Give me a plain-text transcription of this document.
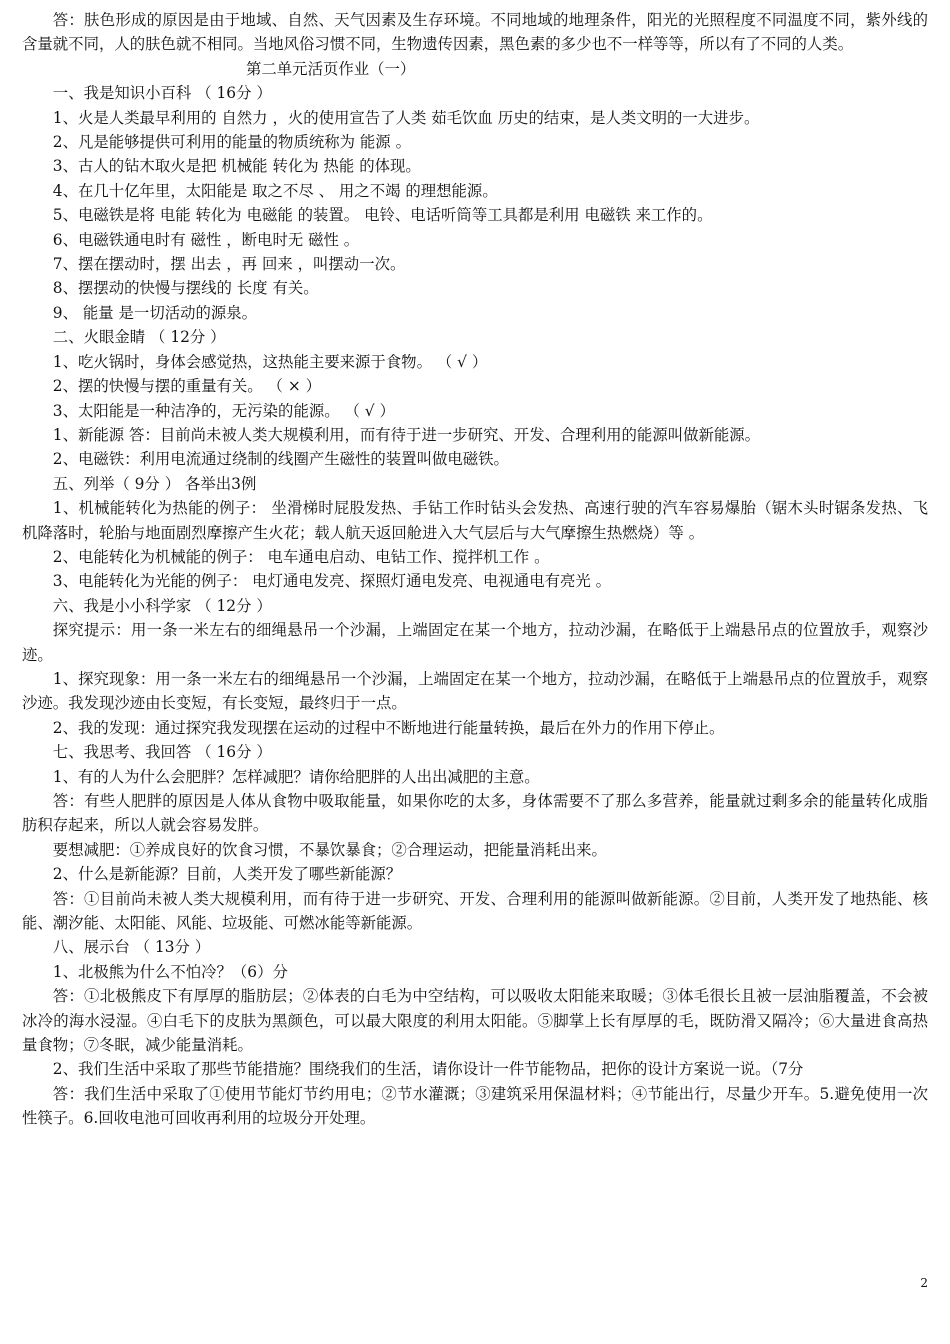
答：肤色形成的原因是由于地域、自然、天气因素及生存环境。不同地域的地理条件，阳光的光照程度不同温度不同，紫外线的含量就不同，人的肤色就不相同。当地风俗习惯不同，生物遗传因素，黑色素的多少也不一样等等，所以有了不同的人类。

第二单元活页作业（一）

一、我是知识小百科 （ 16分 ）

1、火是人类最早利用的 自然力 ，火的使用宣告了人类 茹毛饮血 历史的结束，是人类文明的一大进步。

2、凡是能够提供可利用的能量的物质统称为 能源 。

3、古人的钻木取火是把 机械能 转化为 热能 的体现。

4、在几十亿年里，太阳能是 取之不尽 、 用之不竭 的理想能源。

5、电磁铁是将 电能 转化为 电磁能 的装置。 电铃、电话听筒等工具都是利用 电磁铁 来工作的。

6、电磁铁通电时有 磁性 ，断电时无 磁性 。

7、摆在摆动时，摆 出去 ，再 回来 ，叫摆动一次。

8、摆摆动的快慢与摆线的 长度 有关。

9、 能量 是一切活动的源泉。

二、火眼金睛 （ 12分 ）

1、吃火锅时，身体会感觉热，这热能主要来源于食物。 （ √ ）

2、摆的快慢与摆的重量有关。 （ × ）

3、太阳能是一种洁净的，无污染的能源。 （ √ ）

1、新能源 答：目前尚未被人类大规模利用，而有待于进一步研究、开发、合理利用的能源叫做新能源。

2、电磁铁：利用电流通过绕制的线圈产生磁性的装置叫做电磁铁。

五、列举（ 9分 ） 各举出3例

1、机械能转化为热能的例子： 坐滑梯时屁股发热、手钻工作时钻头会发热、高速行驶的汽车容易爆胎（锯木头时锯条发热、飞机降落时，轮胎与地面剧烈摩擦产生火花；载人航天返回舱进入大气层后与大气摩擦生热燃烧）等 。

2、电能转化为机械能的例子： 电车通电启动、电钻工作、搅拌机工作 。

3、电能转化为光能的例子： 电灯通电发亮、探照灯通电发亮、电视通电有亮光 。

六、我是小小科学家 （ 12分 ）

探究提示：用一条一米左右的细绳悬吊一个沙漏，上端固定在某一个地方，拉动沙漏，在略低于上端悬吊点的位置放手，观察沙迹。

1、探究现象：用一条一米左右的细绳悬吊一个沙漏，上端固定在某一个地方，拉动沙漏，在略低于上端悬吊点的位置放手，观察沙迹。我发现沙迹由长变短，有长变短，最终归于一点。

2、我的发现：通过探究我发现摆在运动的过程中不断地进行能量转换，最后在外力的作用下停止。

七、我思考、我回答 （ 16分 ）

1、有的人为什么会肥胖？怎样减肥？请你给肥胖的人出出减肥的主意。

答：有些人肥胖的原因是人体从食物中吸取能量，如果你吃的太多，身体需要不了那么多营养，能量就过剩多余的能量转化成脂肪积存起来，所以人就会容易发胖。

要想减肥：①养成良好的饮食习惯，不暴饮暴食；②合理运动，把能量消耗出来。

2、什么是新能源？目前，人类开发了哪些新能源？

答：①目前尚未被人类大规模利用，而有待于进一步研究、开发、合理利用的能源叫做新能源。②目前，人类开发了地热能、核能、潮汐能、太阳能、风能、垃圾能、可燃冰能等新能源。

八、展示台 （ 13分 ）

1、北极熊为什么不怕冷？（6）分

答：①北极熊皮下有厚厚的脂肪层；②体表的白毛为中空结构，可以吸收太阳能来取暖；③体毛很长且被一层油脂覆盖，不会被冰冷的海水浸湿。④白毛下的皮肤为黑颜色，可以最大限度的利用太阳能。⑤脚掌上长有厚厚的毛，既防滑又隔冷；⑥大量进食高热量食物；⑦冬眠，减少能量消耗。

2、我们生活中采取了那些节能措施？围绕我们的生活，请你设计一件节能物品，把你的设计方案说一说。（7分

答：我们生活中采取了①使用节能灯节约用电；②节水灌溉；③建筑采用保温材料；④节能出行，尽量少开车。5.避免使用一次性筷子。6.回收电池可回收再利用的垃圾分开处理。

2
